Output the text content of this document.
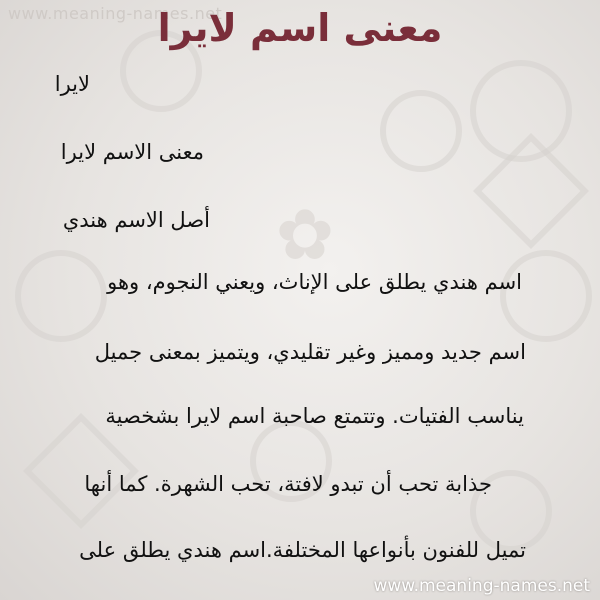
www.meaning-names.net
✿
معنى اسم لايرا
لايرا
معنى الاسم لايرا
أصل الاسم هندي
اسم هندي يطلق على الإناث، ويعني النجوم، وهو
اسم جديد ومميز وغير تقليدي، ويتميز بمعنى جميل
يناسب الفتيات. وتتمتع صاحبة اسم لايرا بشخصية
جذابة تحب أن تبدو لافتة، تحب الشهرة. كما أنها
تميل للفنون بأنواعها المختلفة.اسم هندي يطلق على
www.meaning-names.net
